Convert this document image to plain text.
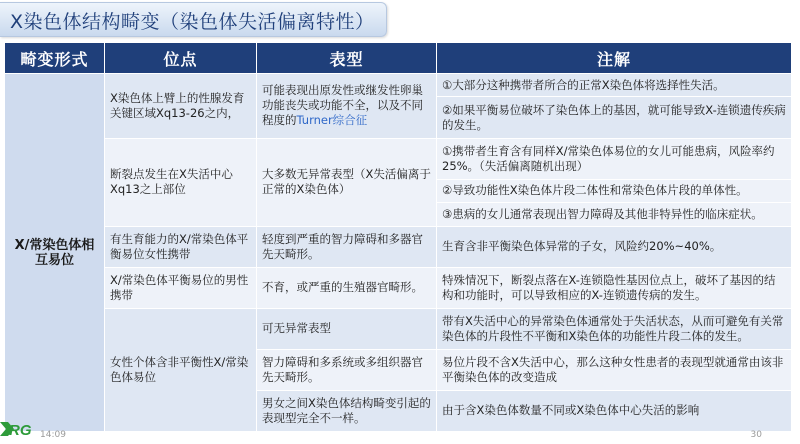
X染色体结构畸变（染色体失活偏离特性）
畸变形式	位点	表型	注解
X/常染色体相互易位	X染色体上臂上的性腺发育关键区域Xq13-26之内，	可能表现出原发性或继发性卵巢功能丧失或功能不全，以及不同程度的Turner综合征	①大部分这种携带者所合的正常X染色体将选择性失活。
			②如果平衡易位破坏了染色体上的基因，就可能导致X-连锁遗传疾病的发生。
	断裂点发生在X失活中心Xq13之上部位	大多数无异常表型（X失活偏离于正常的X染色体）	①携带者生育含有同样X/常染色体易位的女儿可能患病，风险率约25%。（失活偏离随机出现）
			②导致功能性X染色体片段二体性和常染色体片段的单体性。
			③患病的女儿通常表现出智力障碍及其他非特异性的临床症状。
	有生育能力的X/常染色体平衡易位女性携带	轻度到严重的智力障碍和多器官先天畸形。	生育含非平衡染色体异常的子女，风险约20%~40%。
	X/常染色体平衡易位的男性携带	不育，或严重的生殖器官畸形。	特殊情况下，断裂点落在X-连锁隐性基因位点上，破坏了基因的结构和功能时，可以导致相应的X-连锁遗传病的发生。
	女性个体含非平衡性X/常染色体易位	可无异常表型	带有X失活中心的异常染色体通常处于失活状态，从而可避免有关常染色体的片段性不平衡和X染色体的功能性片段二体的发生。
		智力障碍和多系统或多组织器官先天畸形。	易位片段不含X失活中心，那么这种女性患者的表现型就通常由该非平衡染色体的改变造成
		男女之间X染色体结构畸变引起的表现型完全不一样。	由于含X染色体数量不同或X染色体中心失活的影响
RG 14:09	30
